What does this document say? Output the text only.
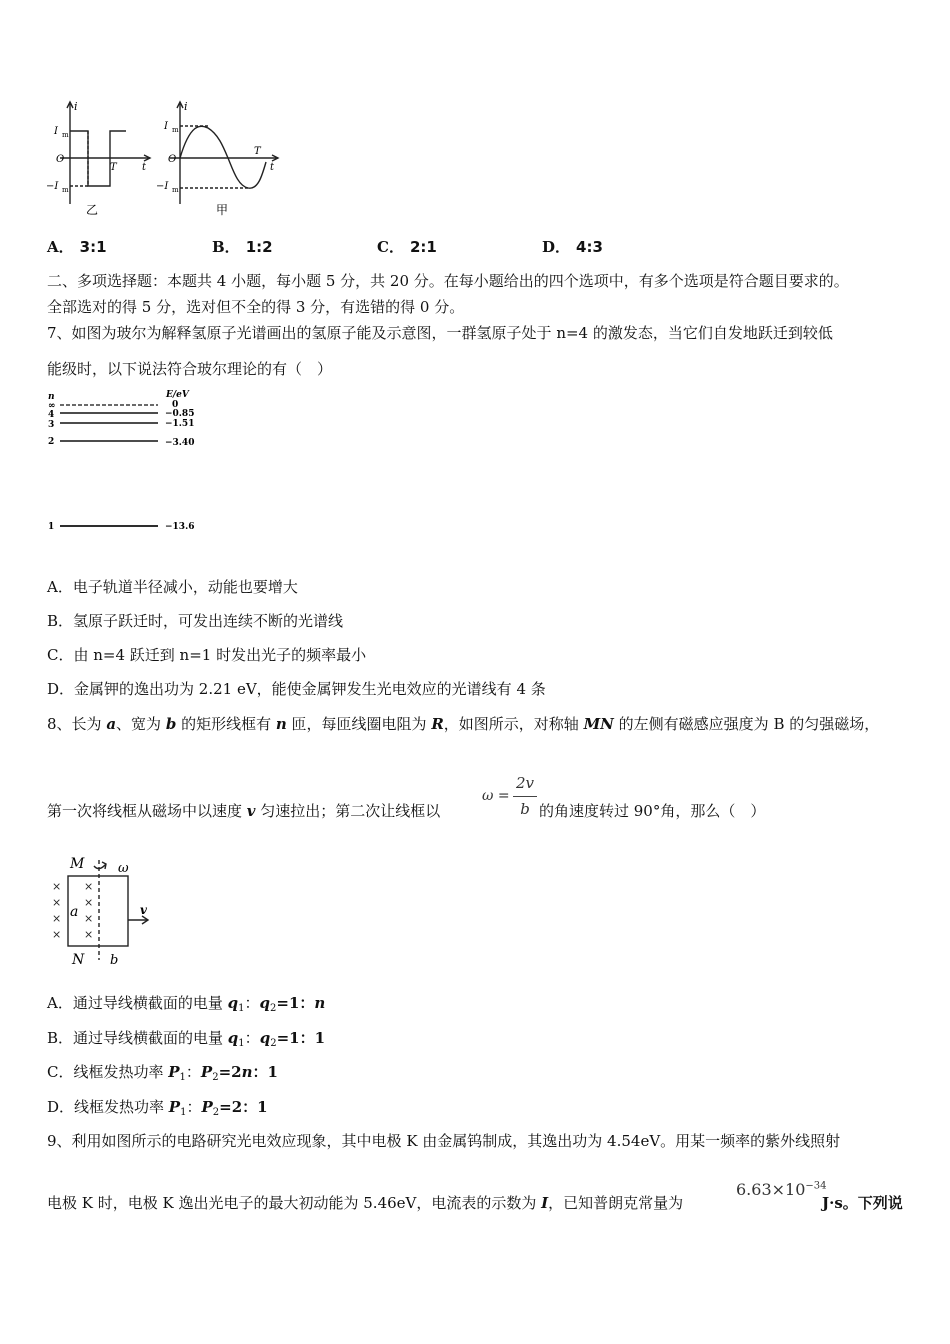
i
I m
O
−I m
T	t
乙
i
I m
O
−I m
T
t
甲
A． 3:1	B． 1:2	C． 2:1	D． 4:3
二、多项选择题：本题共 4 小题，每小题 5 分，共 20 分。在每小题给出的四个选项中，有多个选项是符合题目要求的。
全部选对的得 5 分，选对但不全的得 3 分，有选错的得 0 分。
7、如图为玻尔为解释氢原子光谱画出的氢原子能及示意图，一群氢原子处于 n=4 的激发态，当它们自发地跃迁到较低
能级时，以下说法符合玻尔理论的有（　）
n	E/eV
∞	0
4	−0.85
3	−1.51
2	−3.40
1	−13.6
A．电子轨道半径减小，动能也要增大
B．氢原子跃迁时，可发出连续不断的光谱线
C．由 n=4 跃迁到 n=1 时发出光子的频率最小
D．金属钾的逸出功为 2.21 eV，能使金属钾发生光电效应的光谱线有 4 条
8、长为 a、宽为 b 的矩形线框有 n 匝，每匝线圈电阻为 R，如图所示，对称轴 MN 的左侧有磁感应强度为 B 的匀强磁场，
第一次将线框从磁场中以速度 v 匀速拉出；第二次让线框以
ω =
2v
b 的角速度转过 90°角，那么（　）
× ×
× ×
× ×
× ×
M
N
a
b
v
ω
A．通过导线横截面的电量 $q_1$：$q_2=1$：n
B．通过导线横截面的电量 $q_1$：$q_2=1$：1
C．线框发热功率 $P_1$：$P_2=2n$：1
D．线框发热功率 $P_1$：$P_2=2$：1
9、利用如图所示的电路研究光电效应现象，其中电极 K 由金属钨制成，其逸出功为 4.54eV。用某一频率的紫外线照射
电极 K 时，电极 K 逸出光电子的最大初动能为 5.46eV，电流表的示数为 I，已知普朗克常量为
$6.63\times 10^{-34}$
J·s。下列说
